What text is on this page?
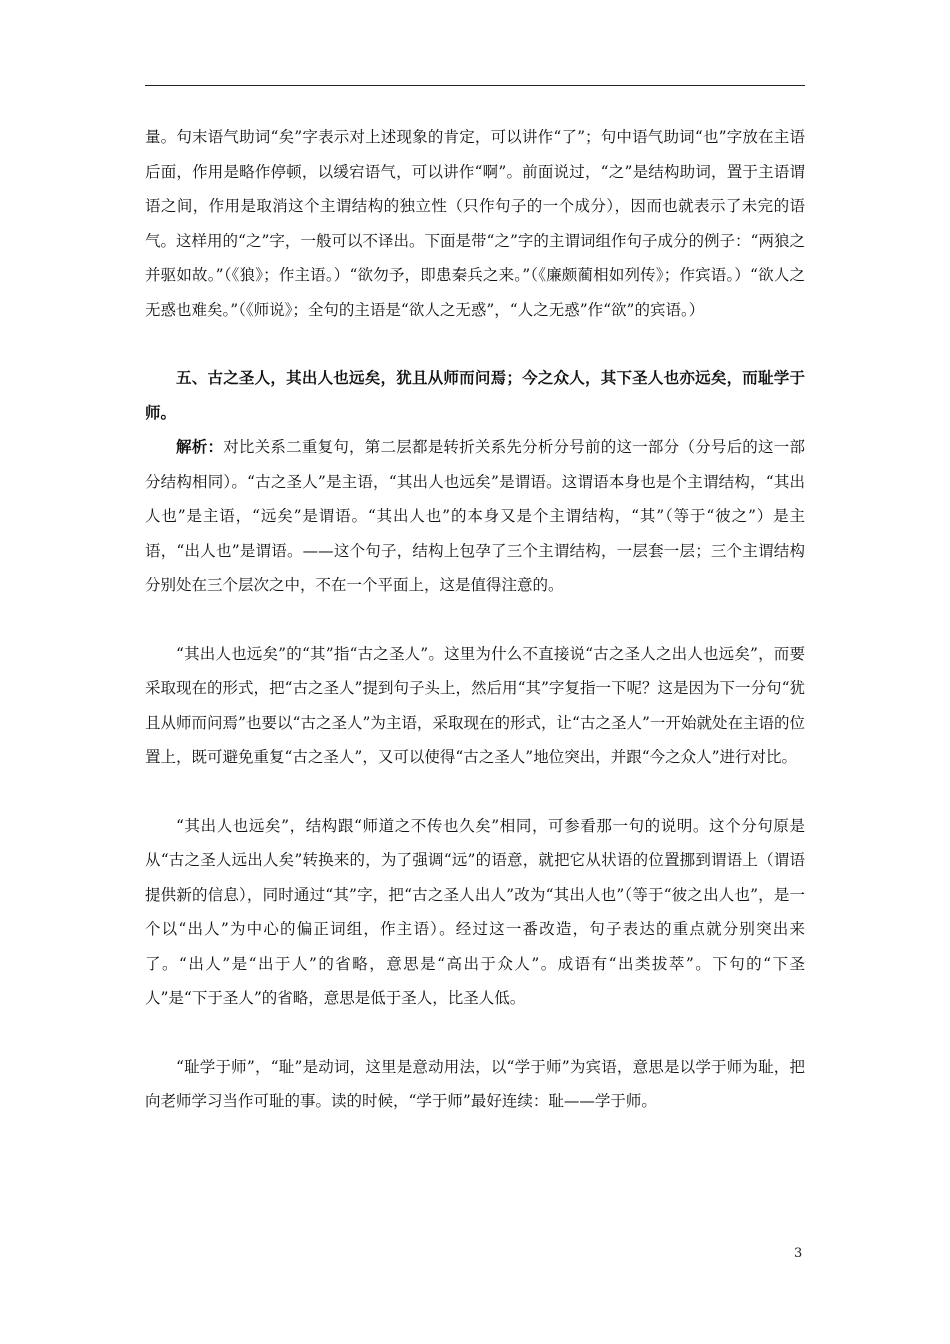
量。句末语气助词“矣”字表示对上述现象的肯定，可以讲作“了”；句中语气助词“也”字放在主语后面，作用是略作停顿，以缓宕语气，可以讲作“啊”。前面说过，“之”是结构助词，置于主语谓语之间，作用是取消这个主谓结构的独立性（只作句子的一个成分），因而也就表示了未完的语气。这样用的“之”字，一般可以不译出。下面是带“之”字的主谓词组作句子成分的例子：“两狼之并驱如故。”（《狼》；作主语。）“欲勿予，即患秦兵之来。”（《廉颇蔺相如列传》；作宾语。）“欲人之无惑也难矣。”（《师说》；全句的主语是“欲人之无惑”，“人之无惑”作“欲”的宾语。）

五、古之圣人，其出人也远矣，犹且从师而问焉；今之众人，其下圣人也亦远矣，而耻学于师。

解析：对比关系二重复句，第二层都是转折关系先分析分号前的这一部分（分号后的这一部分结构相同）。“古之圣人”是主语，“其出人也远矣”是谓语。这谓语本身也是个主谓结构，“其出人也”是主语，“远矣”是谓语。“其出人也”的本身又是个主谓结构，“其”（等于“彼之”）是主语，“出人也”是谓语。——这个句子，结构上包孕了三个主谓结构，一层套一层；三个主谓结构分别处在三个层次之中，不在一个平面上，这是值得注意的。

“其出人也远矣”的“其”指“古之圣人”。这里为什么不直接说“古之圣人之出人也远矣”，而要采取现在的形式，把“古之圣人”提到句子头上，然后用“其”字复指一下呢？这是因为下一分句“犹且从师而问焉”也要以“古之圣人”为主语，采取现在的形式，让“古之圣人”一开始就处在主语的位置上，既可避免重复“古之圣人”，又可以使得“古之圣人”地位突出，并跟“今之众人”进行对比。

“其出人也远矣”，结构跟“师道之不传也久矣”相同，可参看那一句的说明。这个分句原是从“古之圣人远出人矣”转换来的，为了强调“远”的语意，就把它从状语的位置挪到谓语上（谓语提供新的信息），同时通过“其”字，把“古之圣人出人”改为“其出人也”（等于“彼之出人也”，是一个以“出人”为中心的偏正词组，作主语）。经过这一番改造，句子表达的重点就分别突出来了。“出人”是“出于人”的省略，意思是“高出于众人”。成语有“出类拔萃”。下句的“下圣人”是“下于圣人”的省略，意思是低于圣人，比圣人低。

“耻学于师”，“耻”是动词，这里是意动用法，以“学于师”为宾语，意思是以学于师为耻，把向老师学习当作可耻的事。读的时候，“学于师”最好连续：耻——学于师。

3
